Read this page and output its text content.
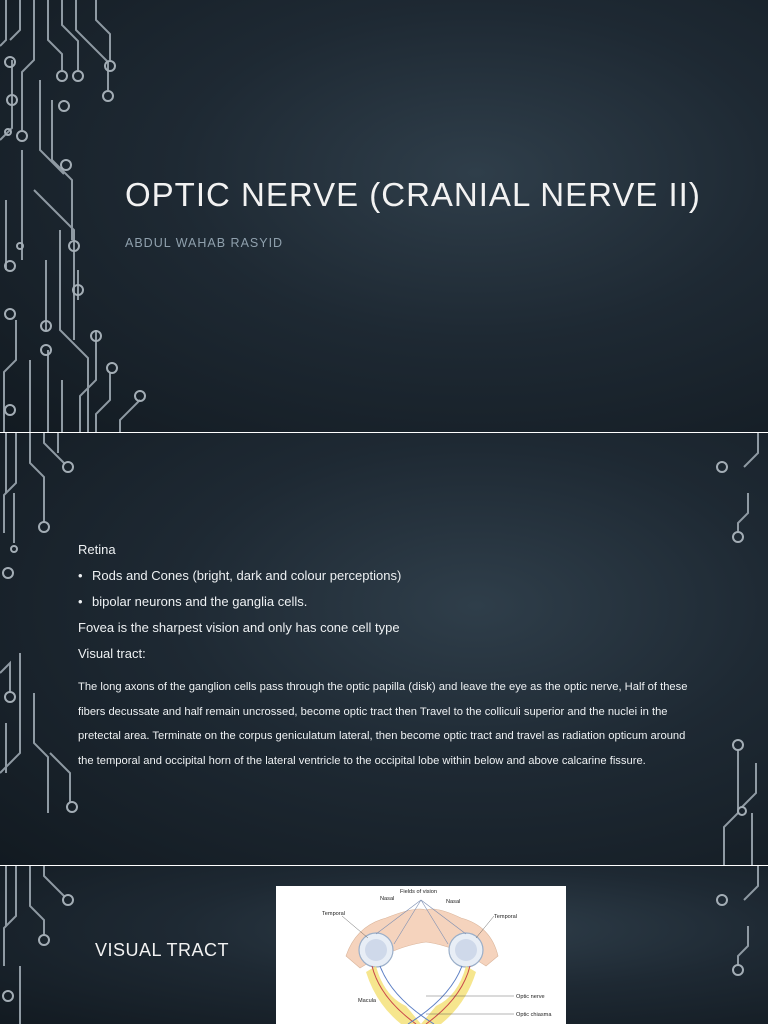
OPTIC NERVE (CRANIAL NERVE II)
ABDUL WAHAB RASYID
Retina
• Rods and Cones (bright, dark and colour perceptions)
• bipolar neurons and the ganglia cells.
Fovea is the sharpest vision and only has cone cell type
Visual tract:
The long axons of the ganglion cells pass through the optic papilla (disk) and leave the eye as the optic nerve, Half of these fibers decussate and half remain uncrossed, become optic tract then Travel to the colliculi superior and the nuclei in the pretectal area. Terminate on the corpus geniculatum lateral, then become optic tract and travel as radiation opticum around the temporal and occipital horn of the lateral ventricle to the occipital lobe within below and above calcarine fissure.
VISUAL TRACT
Fields of vision
Nasal	Nasal
Temporal	Temporal
Macula
Optic nerve
Optic chiasma
